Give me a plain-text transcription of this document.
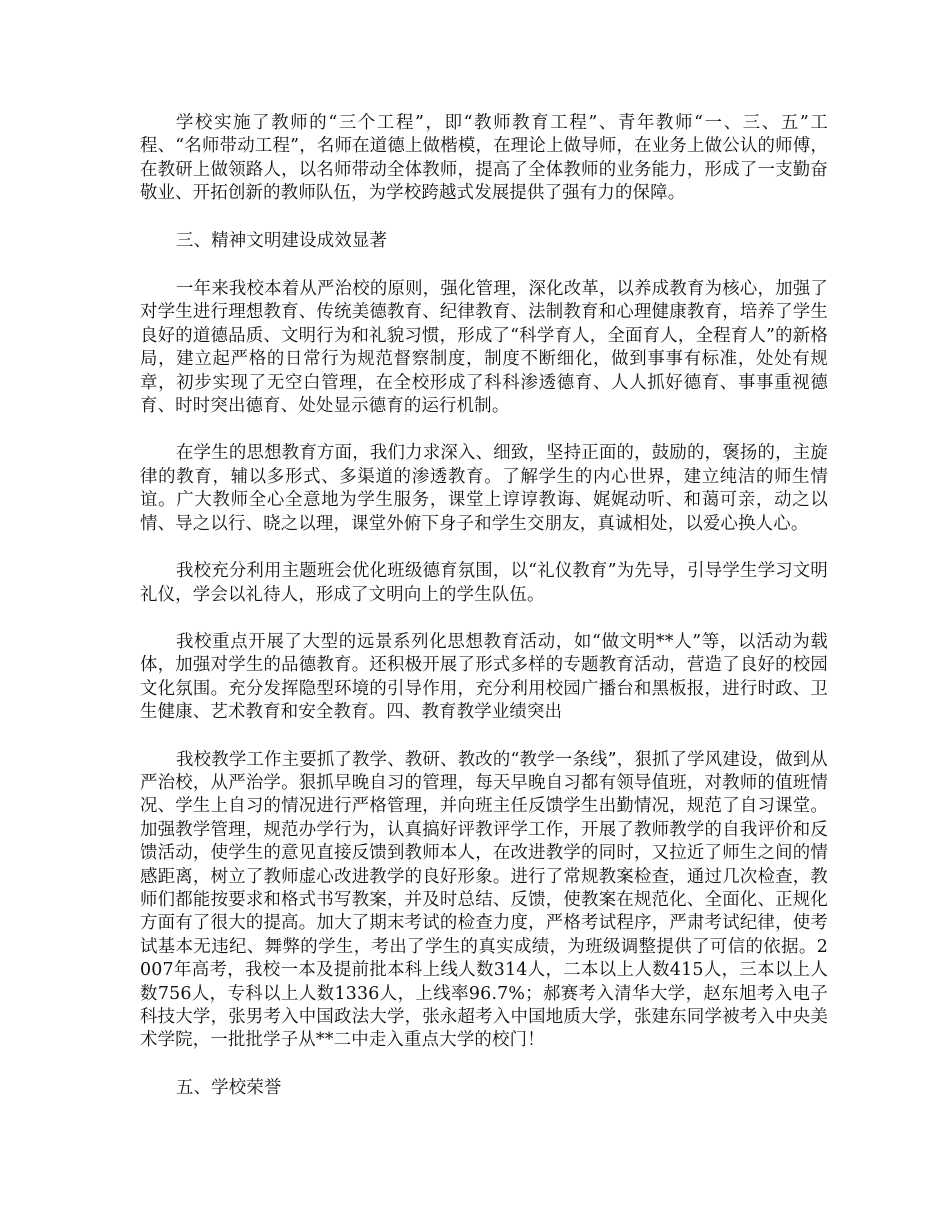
学校实施了教师的“三个工程”，即“教师教育工程”、青年教师“一、三、五”工程、“名师带动工程”，名师在道德上做楷模，在理论上做导师，在业务上做公认的师傅，在教研上做领路人，以名师带动全体教师，提高了全体教师的业务能力，形成了一支勤奋敬业、开拓创新的教师队伍，为学校跨越式发展提供了强有力的保障。

三、精神文明建设成效显著

一年来我校本着从严治校的原则，强化管理，深化改革，以养成教育为核心，加强了对学生进行理想教育、传统美德教育、纪律教育、法制教育和心理健康教育，培养了学生良好的道德品质、文明行为和礼貌习惯，形成了“科学育人，全面育人，全程育人”的新格局，建立起严格的日常行为规范督察制度，制度不断细化，做到事事有标准，处处有规章，初步实现了无空白管理，在全校形成了科科渗透德育、人人抓好德育、事事重视德育、时时突出德育、处处显示德育的运行机制。

在学生的思想教育方面，我们力求深入、细致，坚持正面的，鼓励的，褒扬的，主旋律的教育，辅以多形式、多渠道的渗透教育。了解学生的内心世界，建立纯洁的师生情谊。广大教师全心全意地为学生服务，课堂上谆谆教诲、娓娓动听、和蔼可亲，动之以情、导之以行、晓之以理，课堂外俯下身子和学生交朋友，真诚相处，以爱心换人心。

我校充分利用主题班会优化班级德育氛围，以“礼仪教育”为先导，引导学生学习文明礼仪，学会以礼待人，形成了文明向上的学生队伍。

我校重点开展了大型的远景系列化思想教育活动，如“做文明**人”等，以活动为载体，加强对学生的品德教育。还积极开展了形式多样的专题教育活动，营造了良好的校园文化氛围。充分发挥隐型环境的引导作用，充分利用校园广播台和黑板报，进行时政、卫生健康、艺术教育和安全教育。四、教育教学业绩突出

我校教学工作主要抓了教学、教研、教改的“教学一条线”，狠抓了学风建设，做到从严治校，从严治学。狠抓早晚自习的管理，每天早晚自习都有领导值班，对教师的值班情况、学生上自习的情况进行严格管理，并向班主任反馈学生出勤情况，规范了自习课堂。加强教学管理，规范办学行为，认真搞好评教评学工作，开展了教师教学的自我评价和反馈活动，使学生的意见直接反馈到教师本人，在改进教学的同时，又拉近了师生之间的情感距离，树立了教师虚心改进教学的良好形象。进行了常规教案检查，通过几次检查，教师们都能按要求和格式书写教案，并及时总结、反馈，使教案在规范化、全面化、正规化方面有了很大的提高。加大了期末考试的检查力度，严格考试程序，严肃考试纪律，使考试基本无违纪、舞弊的学生，考出了学生的真实成绩，为班级调整提供了可信的依据。2007年高考，我校一本及提前批本科上线人数314人，二本以上人数415人，三本以上人数756人，专科以上人数1336人，上线率96.7%；郝赛考入清华大学，赵东旭考入电子科技大学，张男考入中国政法大学，张永超考入中国地质大学，张建东同学被考入中央美术学院，一批批学子从**二中走入重点大学的校门！

五、学校荣誉
